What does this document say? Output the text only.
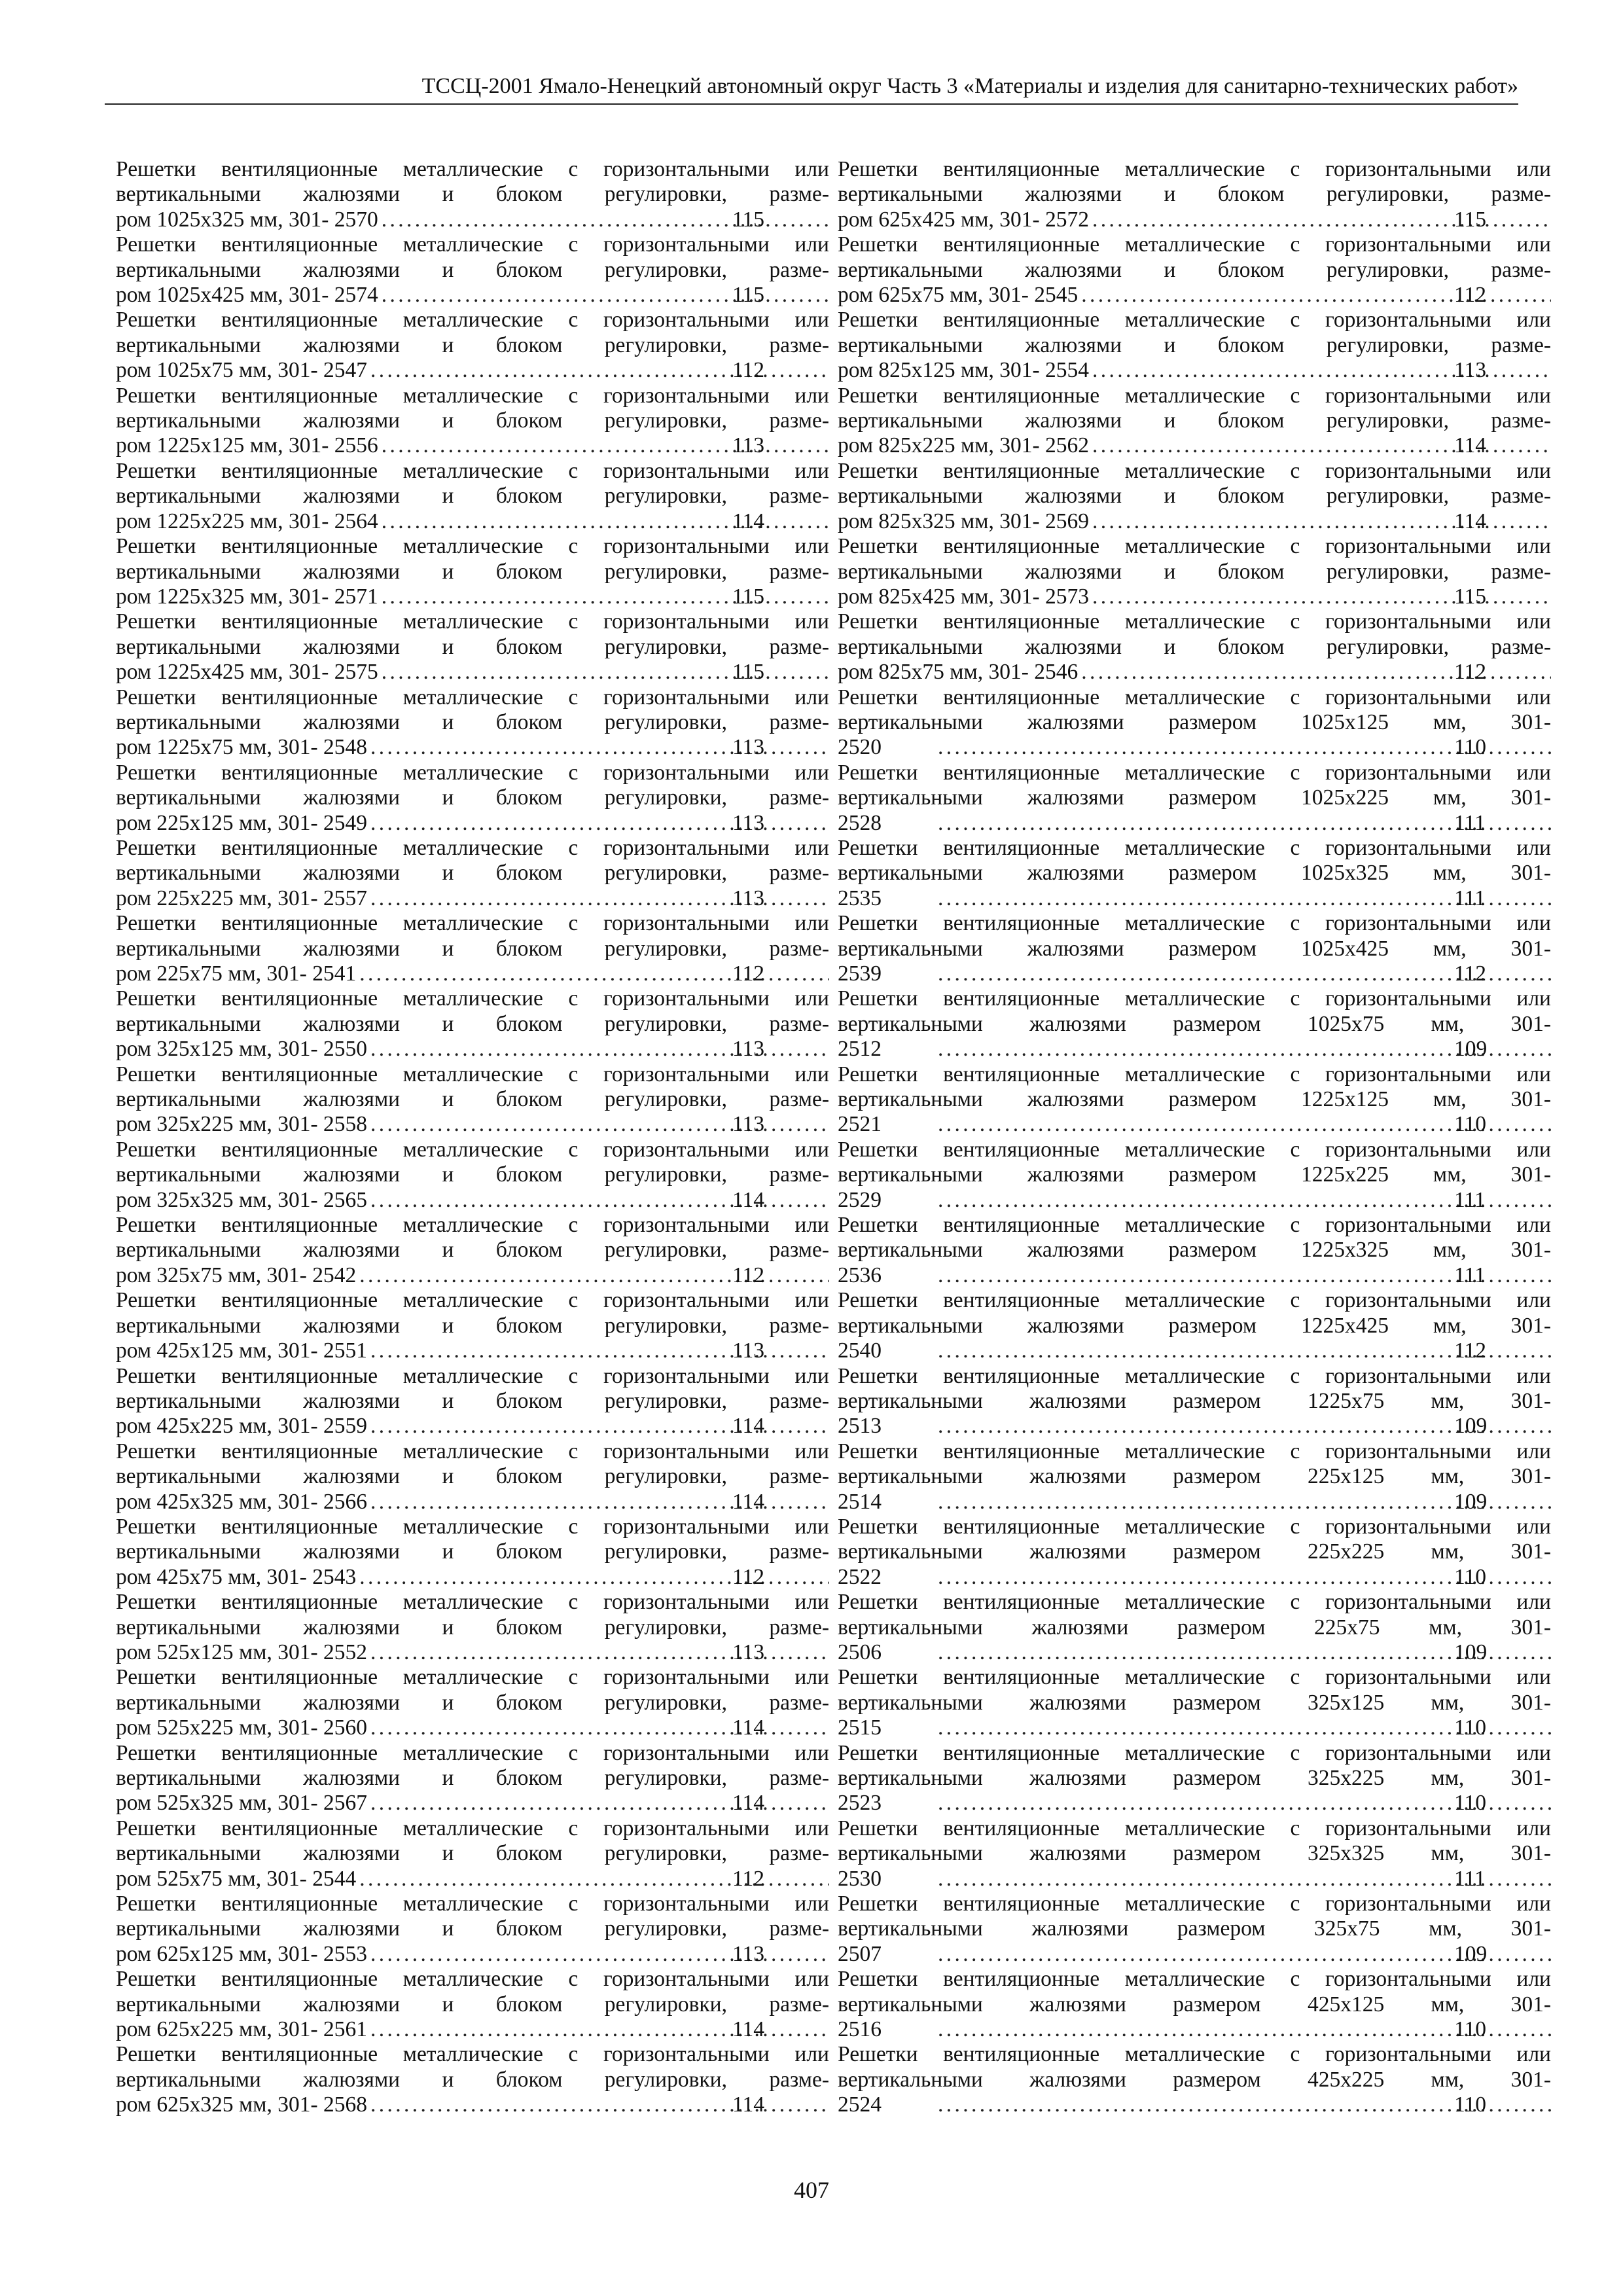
ТССЦ-2001 Ямало-Ненецкий автономный округ Часть 3 «Материалы и изделия для санитарно-технических работ»
Решетки вентиляционные металлические с горизонтальными или
вертикальными жалюзями и блоком регулировки, разме-
ром 1025х325 мм, 301- 2570 . . .	115
Решетки вентиляционные металлические с горизонтальными или
вертикальными жалюзями и блоком регулировки, разме-
ром 1025х425 мм, 301- 2574 . . .	115
Решетки вентиляционные металлические с горизонтальными или
вертикальными жалюзями и блоком регулировки, разме-
ром 1025х75 мм, 301- 2547 . . .	112
Решетки вентиляционные металлические с горизонтальными или
вертикальными жалюзями и блоком регулировки, разме-
ром 1225х125 мм, 301- 2556 . . .	113
Решетки вентиляционные металлические с горизонтальными или
вертикальными жалюзями и блоком регулировки, разме-
ром 1225х225 мм, 301- 2564 . . .	114
Решетки вентиляционные металлические с горизонтальными или
вертикальными жалюзями и блоком регулировки, разме-
ром 1225х325 мм, 301- 2571 . . .	115
Решетки вентиляционные металлические с горизонтальными или
вертикальными жалюзями и блоком регулировки, разме-
ром 1225х425 мм, 301- 2575 . . .	115
Решетки вентиляционные металлические с горизонтальными или
вертикальными жалюзями и блоком регулировки, разме-
ром 1225х75 мм, 301- 2548 . . .	113
Решетки вентиляционные металлические с горизонтальными или
вертикальными жалюзями и блоком регулировки, разме-
ром 225х125 мм, 301- 2549 . . .	113
Решетки вентиляционные металлические с горизонтальными или
вертикальными жалюзями и блоком регулировки, разме-
ром 225х225 мм, 301- 2557 . . .	113
Решетки вентиляционные металлические с горизонтальными или
вертикальными жалюзями и блоком регулировки, разме-
ром 225х75 мм, 301- 2541 . . .	112
Решетки вентиляционные металлические с горизонтальными или
вертикальными жалюзями и блоком регулировки, разме-
ром 325х125 мм, 301- 2550 . . .	113
Решетки вентиляционные металлические с горизонтальными или
вертикальными жалюзями и блоком регулировки, разме-
ром 325х225 мм, 301- 2558 . . .	113
Решетки вентиляционные металлические с горизонтальными или
вертикальными жалюзями и блоком регулировки, разме-
ром 325х325 мм, 301- 2565 . . .	114
Решетки вентиляционные металлические с горизонтальными или
вертикальными жалюзями и блоком регулировки, разме-
ром 325х75 мм, 301- 2542 . . .	112
Решетки вентиляционные металлические с горизонтальными или
вертикальными жалюзями и блоком регулировки, разме-
ром 425х125 мм, 301- 2551 . . .	113
Решетки вентиляционные металлические с горизонтальными или
вертикальными жалюзями и блоком регулировки, разме-
ром 425х225 мм, 301- 2559 . . .	114
Решетки вентиляционные металлические с горизонтальными или
вертикальными жалюзями и блоком регулировки, разме-
ром 425х325 мм, 301- 2566 . . .	114
Решетки вентиляционные металлические с горизонтальными или
вертикальными жалюзями и блоком регулировки, разме-
ром 425х75 мм, 301- 2543 . . .	112
Решетки вентиляционные металлические с горизонтальными или
вертикальными жалюзями и блоком регулировки, разме-
ром 525х125 мм, 301- 2552 . . .	113
Решетки вентиляционные металлические с горизонтальными или
вертикальными жалюзями и блоком регулировки, разме-
ром 525х225 мм, 301- 2560 . . .	114
Решетки вентиляционные металлические с горизонтальными или
вертикальными жалюзями и блоком регулировки, разме-
ром 525х325 мм, 301- 2567 . . .	114
Решетки вентиляционные металлические с горизонтальными или
вертикальными жалюзями и блоком регулировки, разме-
ром 525х75 мм, 301- 2544 . . .	112
Решетки вентиляционные металлические с горизонтальными или
вертикальными жалюзями и блоком регулировки, разме-
ром 625х125 мм, 301- 2553 . . .	113
Решетки вентиляционные металлические с горизонтальными или
вертикальными жалюзями и блоком регулировки, разме-
ром 625х225 мм, 301- 2561 . . .	114
Решетки вентиляционные металлические с горизонтальными или
вертикальными жалюзями и блоком регулировки, разме-
ром 625х325 мм, 301- 2568 . . .	114
Решетки вентиляционные металлические с горизонтальными или
вертикальными жалюзями и блоком регулировки, разме-
ром 625х425 мм, 301- 2572 . . .	115
Решетки вентиляционные металлические с горизонтальными или
вертикальными жалюзями и блоком регулировки, разме-
ром 625х75 мм, 301- 2545 . . .	112
Решетки вентиляционные металлические с горизонтальными или
вертикальными жалюзями и блоком регулировки, разме-
ром 825х125 мм, 301- 2554 . . .	113
Решетки вентиляционные металлические с горизонтальными или
вертикальными жалюзями и блоком регулировки, разме-
ром 825х225 мм, 301- 2562 . . .	114
Решетки вентиляционные металлические с горизонтальными или
вертикальными жалюзями и блоком регулировки, разме-
ром 825х325 мм, 301- 2569 . . .	114
Решетки вентиляционные металлические с горизонтальными или
вертикальными жалюзями и блоком регулировки, разме-
ром 825х425 мм, 301- 2573 . . .	115
Решетки вентиляционные металлические с горизонтальными или
вертикальными жалюзями и блоком регулировки, разме-
ром 825х75 мм, 301- 2546 . . .	112
Решетки вентиляционные металлические с горизонтальными или
вертикальными жалюзями размером 1025х125 мм, 301-
2520 . . .	110
Решетки вентиляционные металлические с горизонтальными или
вертикальными жалюзями размером 1025х225 мм, 301-
2528 . . .	111
Решетки вентиляционные металлические с горизонтальными или
вертикальными жалюзями размером 1025х325 мм, 301-
2535 . . .	111
Решетки вентиляционные металлические с горизонтальными или
вертикальными жалюзями размером 1025х425 мм, 301-
2539 . . .	112
Решетки вентиляционные металлические с горизонтальными или
вертикальными жалюзями размером 1025х75 мм, 301-
2512 . . .	109
Решетки вентиляционные металлические с горизонтальными или
вертикальными жалюзями размером 1225х125 мм, 301-
2521 . . .	110
Решетки вентиляционные металлические с горизонтальными или
вертикальными жалюзями размером 1225х225 мм, 301-
2529 . . .	111
Решетки вентиляционные металлические с горизонтальными или
вертикальными жалюзями размером 1225х325 мм, 301-
2536 . . .	111
Решетки вентиляционные металлические с горизонтальными или
вертикальными жалюзями размером 1225х425 мм, 301-
2540 . . .	112
Решетки вентиляционные металлические с горизонтальными или
вертикальными жалюзями размером 1225х75 мм, 301-
2513 . . .	109
Решетки вентиляционные металлические с горизонтальными или
вертикальными жалюзями размером 225х125 мм, 301-
2514 . . .	109
Решетки вентиляционные металлические с горизонтальными или
вертикальными жалюзями размером 225х225 мм, 301-
2522 . . .	110
Решетки вентиляционные металлические с горизонтальными или
вертикальными жалюзями размером 225х75 мм, 301-
2506 . . .	109
Решетки вентиляционные металлические с горизонтальными или
вертикальными жалюзями размером 325х125 мм, 301-
2515 . . .	110
Решетки вентиляционные металлические с горизонтальными или
вертикальными жалюзями размером 325х225 мм, 301-
2523 . . .	110
Решетки вентиляционные металлические с горизонтальными или
вертикальными жалюзями размером 325х325 мм, 301-
2530 . . .	111
Решетки вентиляционные металлические с горизонтальными или
вертикальными жалюзями размером 325х75 мм, 301-
2507 . . .	109
Решетки вентиляционные металлические с горизонтальными или
вертикальными жалюзями размером 425х125 мм, 301-
2516 . . .	110
Решетки вентиляционные металлические с горизонтальными или
вертикальными жалюзями размером 425х225 мм, 301-
2524 . . .	110
407
